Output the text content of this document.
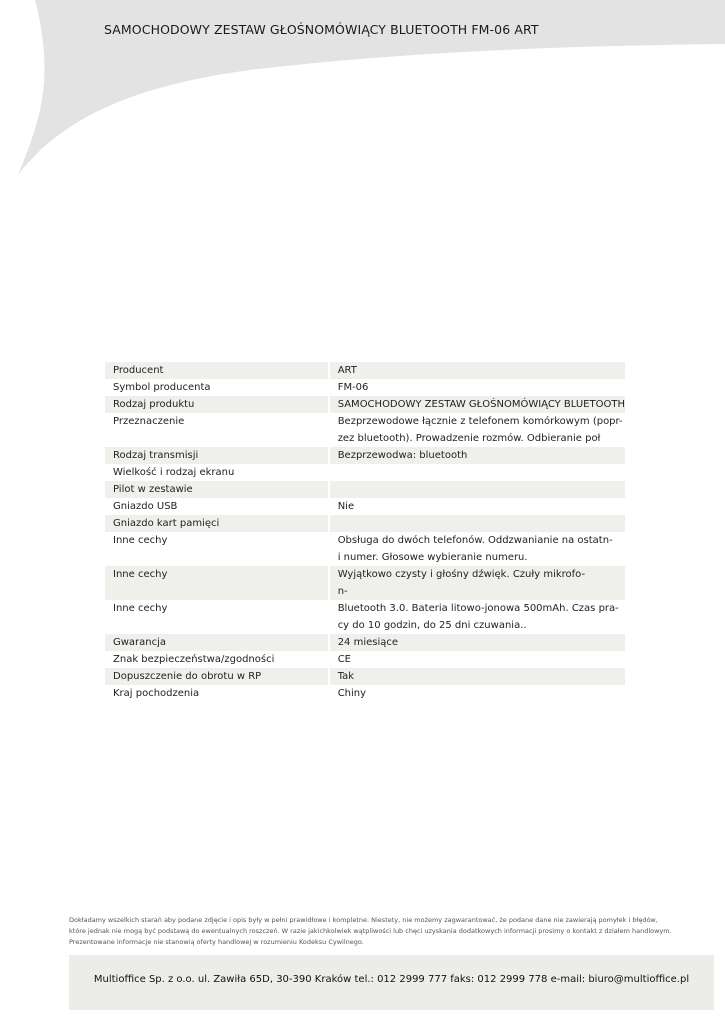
SAMOCHODOWY ZESTAW GŁOŚNOMÓWIĄCY BLUETOOTH FM-06 ART
Producent		ART

Symbol producenta		FM-06

Rodzaj produktu		SAMOCHODOWY ZESTAW GŁOŚNOMÓWIĄCY BLUETOOTH

Przeznaczenie		Bezprzewodowe łącznie z telefonem komórkowym (popr-
zez bluetooth). Prowadzenie rozmów. Odbieranie poł

Rodzaj transmisji		Bezprzewodwa: bluetooth

Wielkość i rodzaj ekranu		

Pilot w zestawie		

Gniazdo USB		Nie

Gniazdo kart pamięci		

Inne cechy		Obsługa do dwóch telefonów. Oddzwanianie na ostatn-
i numer. Głosowe wybieranie numeru.

Inne cechy		Wyjątkowo czysty i głośny dźwięk. Czuły mikrofo-
n-

Inne cechy		Bluetooth 3.0. Bateria litowo-jonowa 500mAh. Czas pra-
cy do 10 godzin, do 25 dni czuwania..

Gwarancja		24 miesiące

Znak bezpieczeństwa/zgodności		CE

Dopuszczenie do obrotu w RP		Tak

Kraj pochodzenia		Chiny
Dokładamy wszelkich starań aby podane zdjęcie i opis były w pełni prawidłowe i kompletne. Niestety, nie możemy zagwarantować, że podane dane nie zawierają pomyłek i błędów,
które jednak nie mogą być podstawą do ewentualnych roszczeń. W razie jakichkolwiek wątpliwości lub chęci uzyskania dodatkowych informacji prosimy o kontakt z działem handlowym.
Prezentowane informacje nie stanowią oferty handlowej w rozumieniu Kodeksu Cywilnego.
Multioffice Sp. z o.o. ul. Zawiła 65D, 30-390 Kraków tel.: 012 2999 777 faks: 012 2999 778 e-mail: biuro@multioffice.pl
